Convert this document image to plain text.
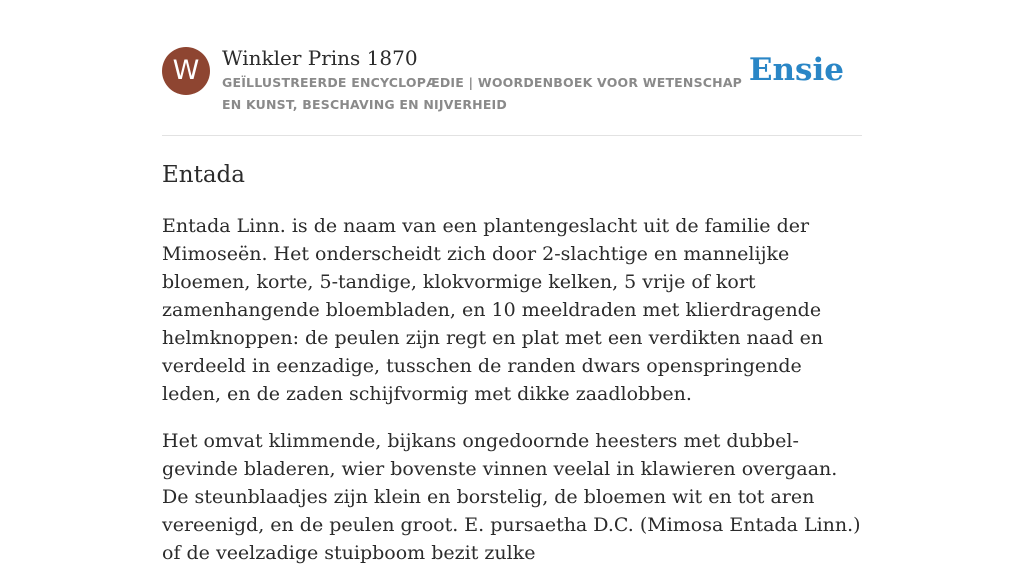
W	Winkler Prins 1870
GEÏLLUSTREERDE ENCYCLOPÆDIE | WOORDENBOEK VOOR WETENSCHAP EN KUNST, BESCHAVING EN NIJVERHEID
Ensie
Entada

Entada Linn. is de naam van een plantengeslacht uit de familie der Mimoseën. Het onderscheidt zich door 2-slachtige en mannelijke bloemen, korte, 5-tandige, klokvormige kelken, 5 vrije of kort zamenhangende bloembladen, en 10 meeldraden met klierdragende helmknoppen: de peulen zijn regt en plat met een verdikten naad en verdeeld in eenzadige, tusschen de randen dwars openspringende leden, en de zaden schijfvormig met dikke zaadlobben.

Het omvat klimmende, bijkans ongedoornde heesters met dubbel-gevinde bladeren, wier bovenste vinnen veelal in klawieren overgaan. De steunblaadjes zijn klein en borstelig, de bloemen wit en tot aren vereenigd, en de peulen groot. E. pursaetha D.C. (Mimosa Entada Linn.) of de veelzadige stuipboom bezit zulke
